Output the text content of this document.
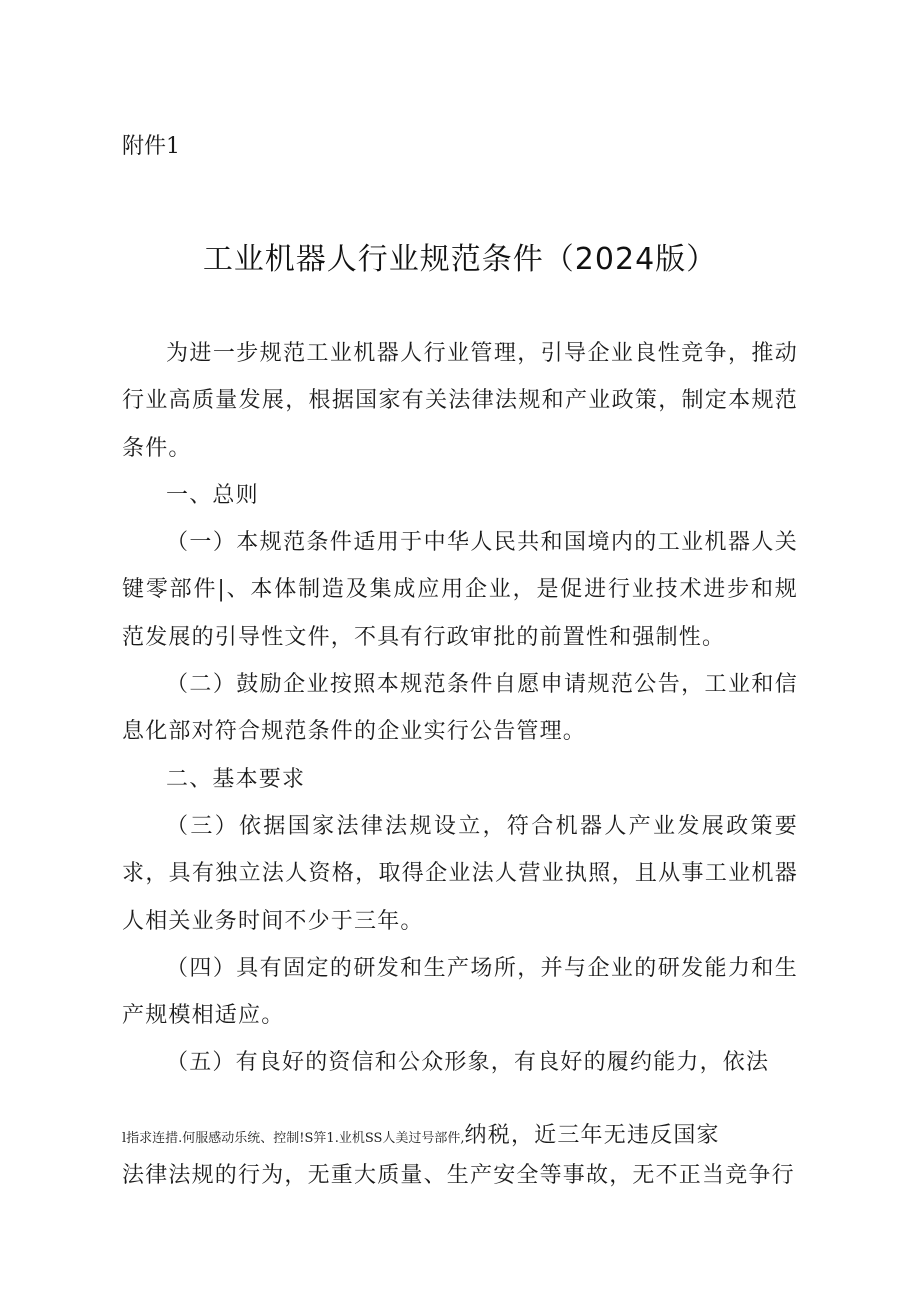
附件1
工业机器人行业规范条件（2024版）

为进一步规范工业机器人行业管理，引导企业良性竞争，推动行业高质量发展，根据国家有关法律法规和产业政策，制定本规范条件。

一、总则

（一）本规范条件适用于中华人民共和国境内的工业机器人关键零部件|、本体制造及集成应用企业，是促进行业技术进步和规范发展的引导性文件，不具有行政审批的前置性和强制性。

（二）鼓励企业按照本规范条件自愿申请规范公告，工业和信息化部对符合规范条件的企业实行公告管理。

二、基本要求

（三）依据国家法律法规设立，符合机器人产业发展政策要求，具有独立法人资格，取得企业法人营业执照，且从事工业机器人相关业务时间不少于三年。

（四）具有固定的研发和生产场所，并与企业的研发能力和生产规模相适应。

（五）有良好的资信和公众形象，有良好的履约能力，依法

l指求连措.何服感动乐统、控制!S笄1.业机SS人美过号部件, 纳税，近三年无违反国家
法律法规的行为，无重大质量、生产安全等事故，无不正当竞争行
